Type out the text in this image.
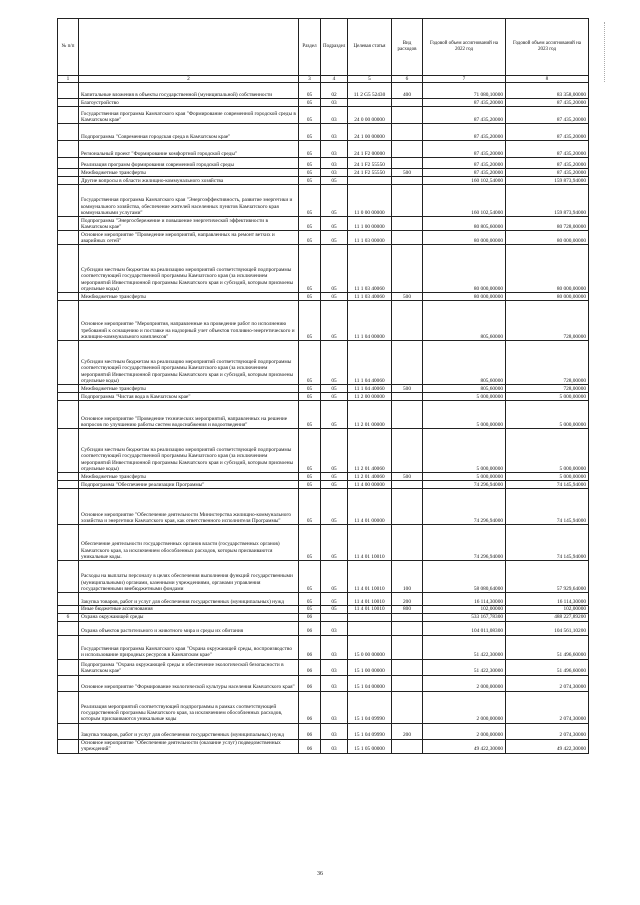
№ п/п		Раздел	Подраздел	Целевая статья	Вид расходов	Годовой объем ассигнований на 2022 год	Годовой объем ассигнований на 2023 год
1	2	3	4	5	6	7	8
	Капитальные вложения в объекты государственной (муниципальной) собственности	05	02	11 2 G5 52430	400	71 080,10000	83 358,00000
	Благоустройство	05	03			87 435,20000	87 435,20000
	Государственная программа Камчатского края "Формирование современной городской среды в Камчатском крае"	05	03	24 0 00 00000		87 435,20000	87 435,20000
	Подпрограмма "Современная городская среда в Камчатском крае"	05	03	24 1 00 00000		87 435,20000	87 435,20000
	Региональный проект "Формирование комфортной городской среды"	05	03	24 1 F2 00000		87 435,20000	87 435,20000
	Реализация программ формирования современной городской среды	05	03	24 1 F2 55550		87 435,20000	87 435,20000
	Межбюджетные трансферты	05	03	24 1 F2 55550	500	87 435,20000	87 435,20000
	Другие вопросы в области жилищно-коммунального хозяйства	05	05			160 102,54000	159 873,94000
	Государственная программа Камчатского края "Энергоэффективность, развитие энергетики и коммунального хозяйства, обеспечение жителей населенных пунктов Камчатского края коммунальными услугами"	05	05	11 0 00 00000		160 102,54000	159 873,94000
	Подпрограмма "Энергосбережение и повышение энергетической эффективности в Камчатском крае"	05	05	11 1 00 00000		80 805,60000	80 728,00000
	Основное мероприятие "Проведение мероприятий, направленных на ремонт ветхих и аварийных сетей"	05	05	11 1 03 00000		80 000,00000	80 000,00000
	Субсидии местным бюджетам на реализацию мероприятий соответствующей подпрограммы соответствующей государственной программы Камчатского края (за исключением мероприятий Инвестиционной программы Камчатского края и субсидий, которым присвоены отдельные коды)	05	05	11 1 03 40060		80 000,00000	80 000,00000
	Межбюджетные трансферты	05	05	11 1 03 40060	500	80 000,00000	80 000,00000
	Основное мероприятие "Мероприятия, направленные на проведение работ по исполнению требований к оснащению и поставке на надзорный учет объектов топливно-энергетического и жилищно-коммунального комплексов"	05	05	11 1 04 00000		805,60000	728,00000
	Субсидии местным бюджетам на реализацию мероприятий соответствующей подпрограммы соответствующей государственной программы Камчатского края (за исключением мероприятий Инвестиционной программы Камчатского края и субсидий, которым присвоены отдельные коды)	05	05	11 1 04 40060		805,60000	728,00000
	Межбюджетные трансферты	05	05	11 1 04 40060	500	805,60000	728,00000
	Подпрограмма "Чистая вода в Камчатском крае"	05	05	11 2 00 00000		5 000,00000	5 000,00000
	Основное мероприятие "Проведение технических мероприятий, направленных на решение вопросов по улучшению работы систем водоснабжения и водоотведения"	05	05	11 2 01 00000		5 000,00000	5 000,00000
	Субсидии местным бюджетам на реализацию мероприятий соответствующей подпрограммы соответствующей государственной программы Камчатского края (за исключением мероприятий Инвестиционной программы Камчатского края и субсидий, которым присвоены отдельные коды)	05	05	11 2 01 40060		5 000,00000	5 000,00000
	Межбюджетные трансферты	05	05	11 2 01 40060	500	5 000,00000	5 000,00000
	Подпрограмма "Обеспечение реализации Программы"	05	05	11 4 00 00000		74 296,94000	74 145,94000
	Основное мероприятие "Обеспечение деятельности Министерства жилищно-коммунального хозяйства и энергетики Камчатского края, как ответственного исполнителя Программы"	05	05	11 4 01 00000		74 296,94000	74 145,94000
	Обеспечение деятельности государственных органов власти (государственных органов) Камчатского края, за исключением обособленных расходов, которым присваиваются уникальные коды.	05	05	11 4 01 10010		74 296,94000	74 145,94000
	Расходы на выплаты персоналу в целях обеспечения выполнения функций государственными (муниципальными) органами, казенными учреждениями, органами управления государственными внебюджетными фондами	05	05	11 4 01 10010	100	58 080,64000	57 929,64000
	Закупка товаров, работ и услуг для обеспечения государственных (муниципальных) нужд	05	05	11 4 01 10010	200	16 114,30000	16 114,30000
	Иные бюджетные ассигнования	05	05	11 4 01 10010	800	102,00000	102,00000
6	Охрана окружающей среды	06				533 167,78300	488 227,89200
	Охрана объектов растительного и животного мира и среды их обитания	06	03			104 011,08300	104 561,10200
	Государственная программа Камчатского края "Охрана окружающей среды, воспроизводство и использование природных ресурсов в Камчатском крае"	06	03	15 0 00 00000		51 422,30000	51 496,60000
	Подпрограмма "Охрана окружающей среды и обеспечение экологической безопасности в Камчатском крае"	06	03	15 1 00 00000		51 422,30000	51 496,60000
	Основное мероприятие "Формирование экологической культуры населения Камчатского края"	06	03	15 1 04 00000		2 000,00000	2 074,30000
	Реализация мероприятий соответствующей подпрограммы в рамках соответствующей государственной программы Камчатского края, за исключением обособленных расходов, которым присваиваются уникальные коды	06	03	15 1 04 09990		2 000,00000	2 074,30000
	Закупка товаров, работ и услуг для обеспечения государственных (муниципальных) нужд	06	03	15 1 04 09990	200	2 000,00000	2 074,30000
	Основное мероприятие "Обеспечение деятельности (оказание услуг) подведомственных учреждений"	06	03	15 1 05 00000		49 422,30000	49 422,30000
36
